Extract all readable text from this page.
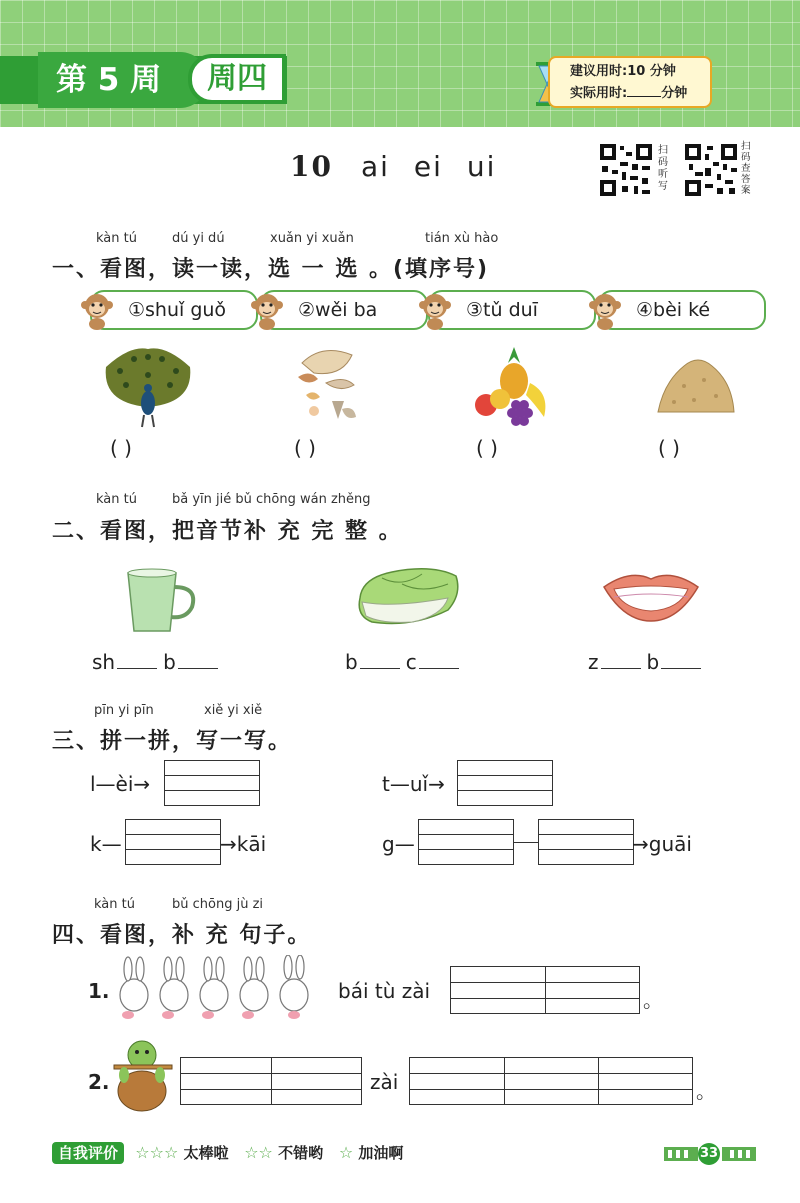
第 5 周	周四	建议用时:10 分钟
实际用时:	分钟
10 ai ei ui	扫码听写
扫码查答案
kàn tú	dú yi dú	xuǎn yi xuǎn	tián xù hào
一、看图，读一读，选 一 选 。(填序号)
①shuǐ guǒ	②wěi ba	③tǔ duī	④bèi ké
( )	( )	( )	( )
kàn tú	bǎ yīn jié bǔ chōng wán zhěng
二、看图，把音节补 充 完 整 。
sh b	b c	z b
pīn yi pīn	xiě yi xiě
三、拼一拼，写一写。
l—èi→	t—uǐ→
k—	→kāi	g—	→guāi
kàn tú	bǔ chōng jù zi
四、看图，补 充 句子。
1.	bái tù zài	。
2.	zài	。
自我评价 ☆☆☆ 太棒啦 ☆☆ 不错哟 ☆ 加油啊	33
